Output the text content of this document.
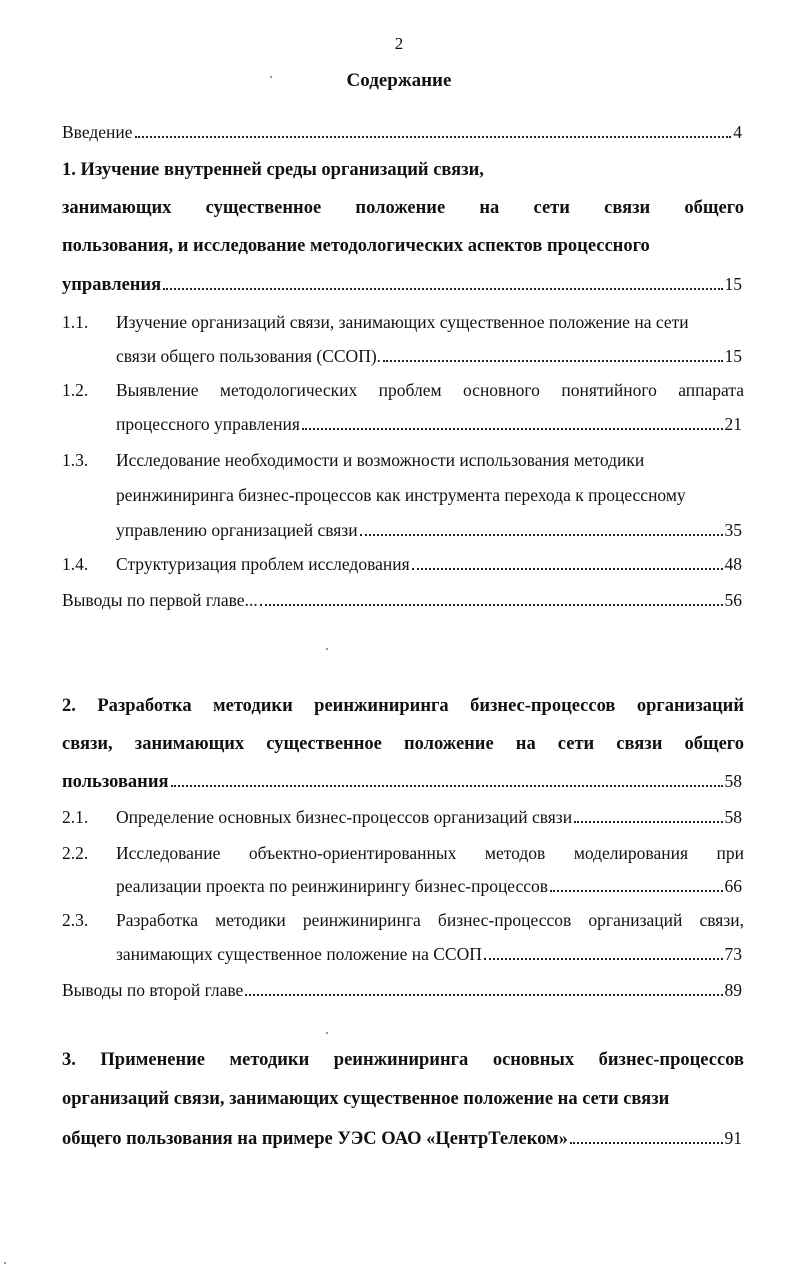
2
Содержание
Введение	4
1. Изучение внутренней среды организаций связи,
занимающих существенное положение на сети связи общего
пользования, и исследование методологических аспектов процессного
управления	15
1.1. Изучение организаций связи, занимающих существенное положение на сети
связи общего пользования (ССОП).	15
1.2. Выявление методологических проблем основного понятийного аппарата
процессного управления	21
1.3. Исследование необходимости и возможности использования методики
реинжиниринга бизнес-процессов как инструмента перехода к процессному
управлению организацией связи	35
1.4. Структуризация проблем исследования	48
Выводы по первой главе...	56
2. Разработка методики реинжиниринга бизнес-процессов организаций
связи, занимающих существенное положение на сети связи общего
пользования	58
2.1. Определение основных бизнес-процессов организаций связи	58
2.2. Исследование объектно-ориентированных методов моделирования при
реализации проекта по реинжинирингу бизнес-процессов	66
2.3. Разработка методики реинжиниринга бизнес-процессов организаций связи,
занимающих существенное положение на ССОП	73
Выводы по второй главе	89
3. Применение методики реинжиниринга основных бизнес-процессов
организаций связи, занимающих существенное положение на сети связи
общего пользования на примере УЭС ОАО «ЦентрТелеком»	91
